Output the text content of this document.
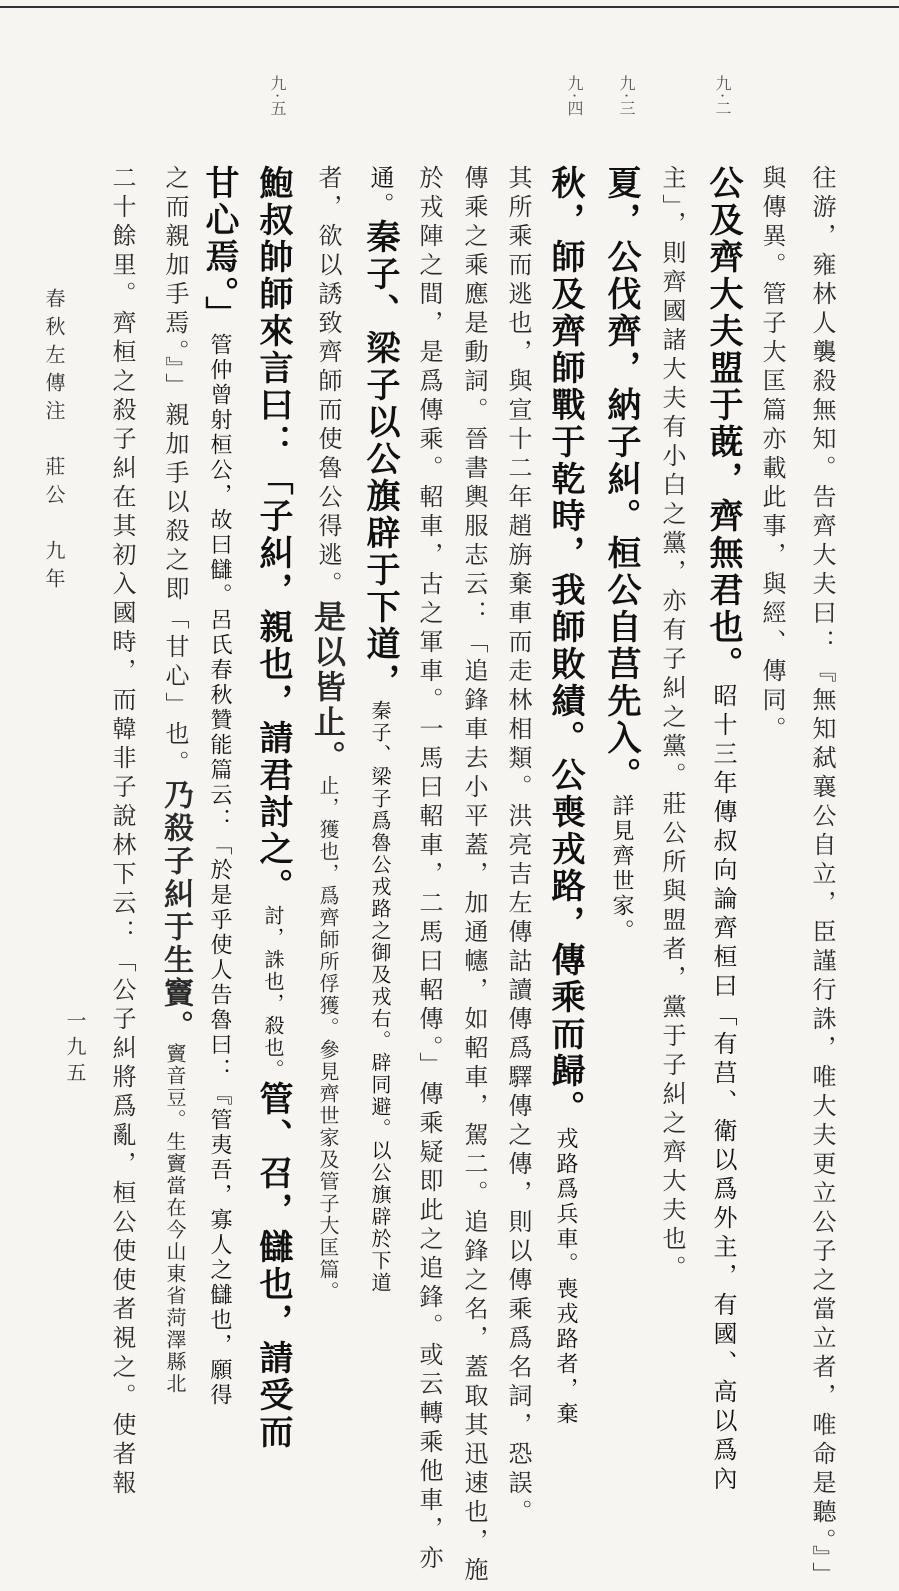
九·二
九·三
九·四
九·五
往游，雍林人襲殺無知。告齊大夫曰：『無知弑襄公自立，臣謹行誅，唯大夫更立公子之當立者，唯命是聽。』」
與傳異。管子大匡篇亦載此事，與經、傳同。
公及齊大夫盟于蔇，齊無君也。昭十三年傳叔向論齊桓曰「有莒、衛以爲外主，有國、高以爲內
主」，則齊國諸大夫有小白之黨，亦有子糾之黨。莊公所與盟者，黨于子糾之齊大夫也。
夏，公伐齊，納子糾。桓公自莒先入。詳見齊世家。
秋，師及齊師戰于乾時，我師敗績。公喪戎路，傳乘而歸。戎路爲兵車。喪戎路者，棄
其所乘而逃也，與宣十二年趙旃棄車而走林相類。洪亮吉左傳詁讀傳爲驛傳之傳，則以傳乘爲名詞，恐誤。
傳乘之乘應是動詞。晉書輿服志云：「追鋒車去小平蓋，加通幰，如軺車，駕二。追鋒之名，蓋取其迅速也，施
於戎陣之間，是爲傳乘。軺車，古之軍車。一馬曰軺車，二馬曰軺傳。」傳乘疑即此之追鋒。或云轉乘他車，亦
通。秦子、梁子以公旗辟于下道，秦子、梁子爲魯公戎路之御及戎右。辟同避。以公旗辟於下道
者，欲以誘致齊師而使魯公得逃。是以皆止。止，獲也，爲齊師所俘獲。參見齊世家及管子大匡篇。
鮑叔帥師來言曰：「子糾，親也，請君討之。討，誅也，殺也。管、召，讎也，請受而
甘心焉。」管仲曾射桓公，故曰讎。呂氏春秋贊能篇云：「於是乎使人告魯曰：『管夷吾，寡人之讎也，願得
之而親加手焉。』」親加手以殺之即「甘心」也。乃殺子糾于生竇。竇音豆。生竇當在今山東省菏澤縣北
二十餘里。齊桓之殺子糾在其初入國時，而韓非子說林下云：「公子糾將爲亂，桓公使使者視之。使者報
春秋左傳注　莊公　九年
一九五
